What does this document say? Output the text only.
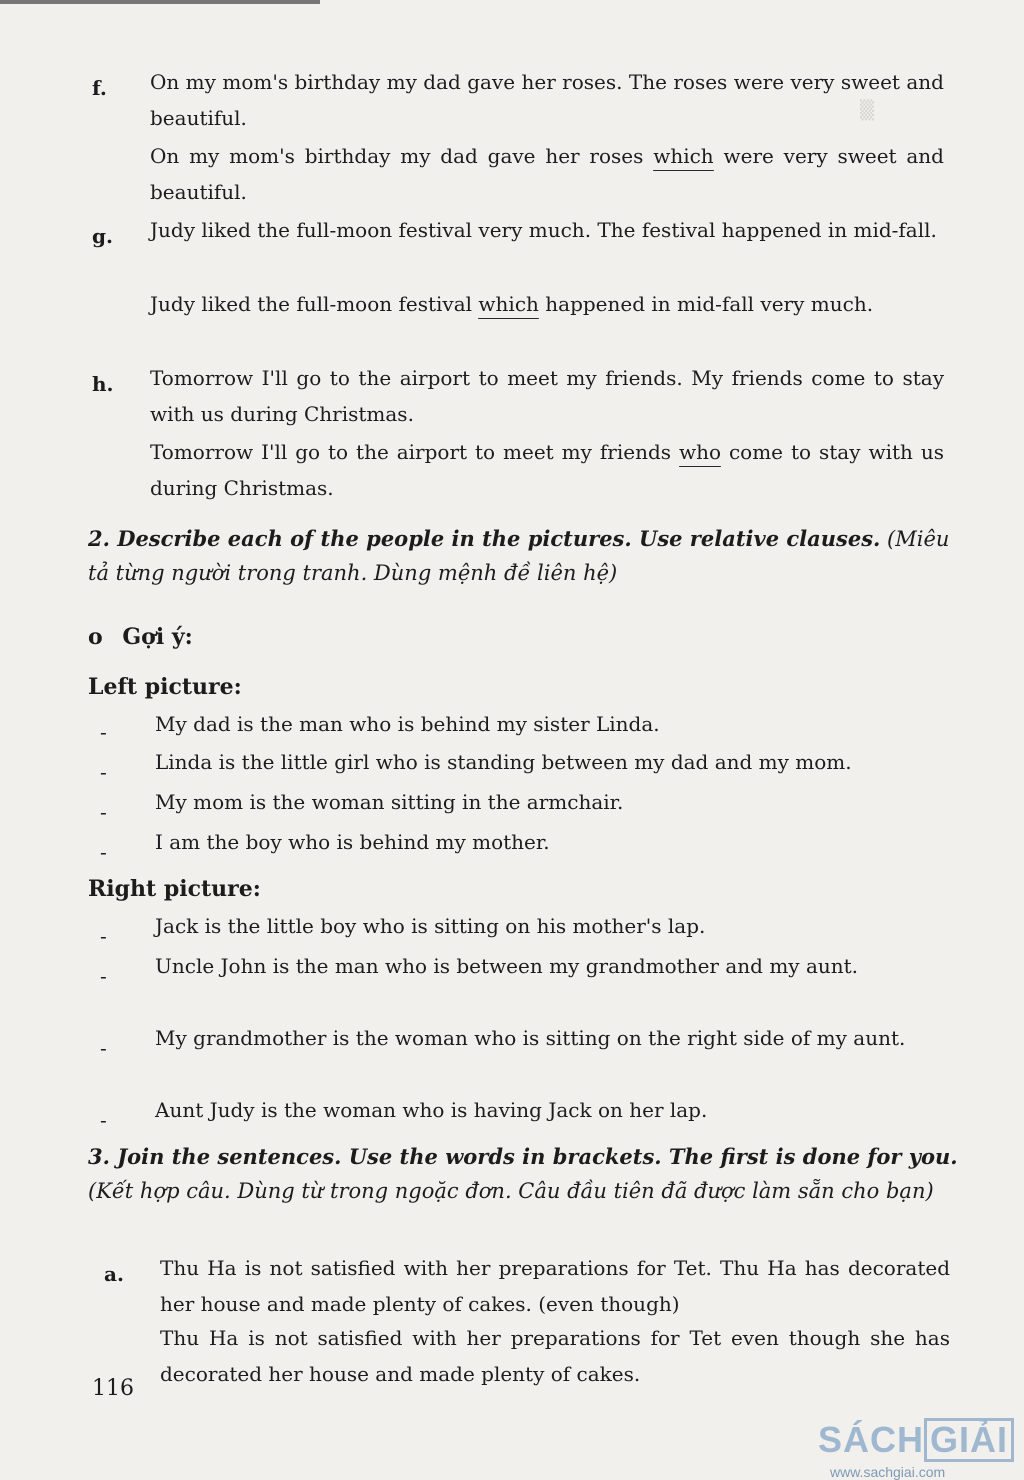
▒
f. On my mom's birthday my dad gave her roses. The roses were very sweet and beautiful.
On my mom's birthday my dad gave her roses which were very sweet and beautiful.
g. Judy liked the full-moon festival very much. The festival happened in mid-fall.
Judy liked the full-moon festival which happened in mid-fall very much.
h. Tomorrow I'll go to the airport to meet my friends. My friends come to stay with us during Christmas.
Tomorrow I'll go to the airport to meet my friends who come to stay with us during Christmas.
2. Describe each of the people in the pictures. Use relative clauses. (Miêu tả từng người trong tranh. Dùng mệnh đề liên hệ)
o Gợi ý:
Left picture:
- My dad is the man who is behind my sister Linda.
- Linda is the little girl who is standing between my dad and my mom.
- My mom is the woman sitting in the armchair.
- I am the boy who is behind my mother.
Right picture:
- Jack is the little boy who is sitting on his mother's lap.
- Uncle John is the man who is between my grandmother and my aunt.
- My grandmother is the woman who is sitting on the right side of my aunt.
- Aunt Judy is the woman who is having Jack on her lap.
3. Join the sentences. Use the words in brackets. The first is done for you. (Kết hợp câu. Dùng từ trong ngoặc đơn. Câu đầu tiên đã được làm sẵn cho bạn)
a. Thu Ha is not satisfied with her preparations for Tet. Thu Ha has decorated her house and made plenty of cakes. (even though)
Thu Ha is not satisfied with her preparations for Tet even though she has decorated her house and made plenty of cakes.
116
SÁCH GIẢI
www.sachgiai.com
